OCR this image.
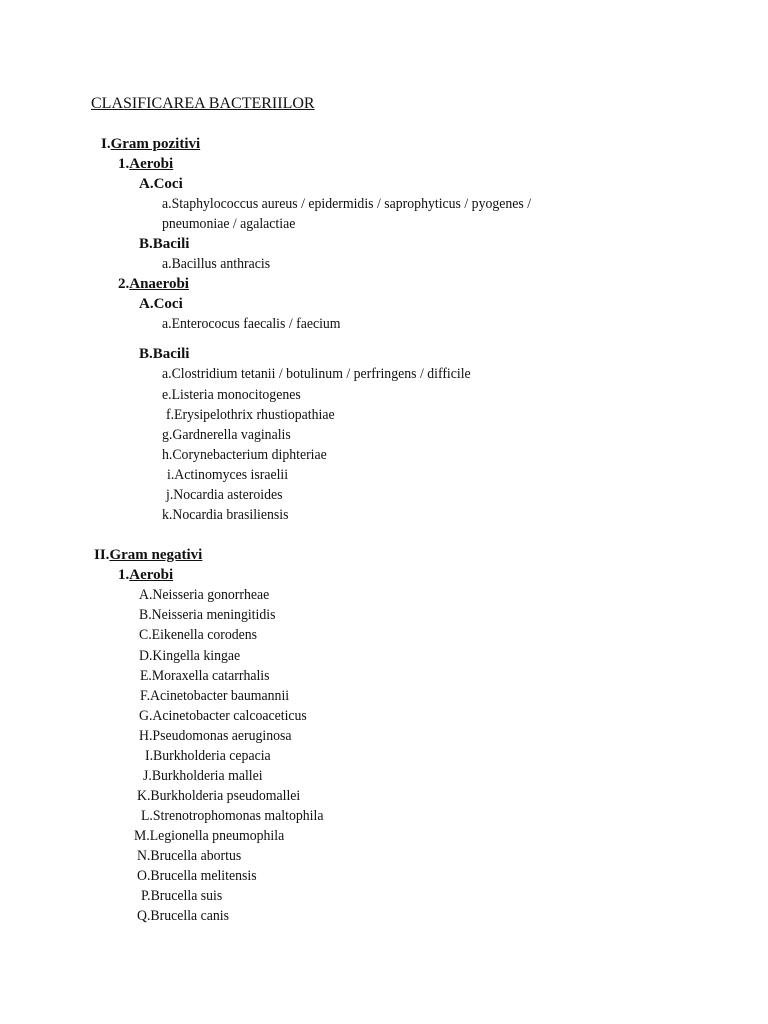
CLASIFICAREA BACTERIILOR
I.Gram pozitivi
1.Aerobi
A.Coci
a.Staphylococcus aureus / epidermidis / saprophyticus / pyogenes /
pneumoniae / agalactiae
B.Bacili
a.Bacillus anthracis
2.Anaerobi
A.Coci
a.Enterococus faecalis / faecium
B.Bacili
a.Clostridium tetanii / botulinum / perfringens / difficile
e.Listeria monocitogenes
f.Erysipelothrix rhustiopathiae
g.Gardnerella vaginalis
h.Corynebacterium diphteriae
i.Actinomyces israelii
j.Nocardia asteroides
k.Nocardia brasiliensis
II.Gram negativi
1.Aerobi
A.Neisseria gonorrheae
B.Neisseria meningitidis
C.Eikenella corodens
D.Kingella kingae
E.Moraxella catarrhalis
F.Acinetobacter baumannii
G.Acinetobacter calcoaceticus
H.Pseudomonas aeruginosa
I.Burkholderia cepacia
J.Burkholderia mallei
K.Burkholderia pseudomallei
L.Strenotrophomonas maltophila
M.Legionella pneumophila
N.Brucella abortus
O.Brucella melitensis
P.Brucella suis
Q.Brucella canis
